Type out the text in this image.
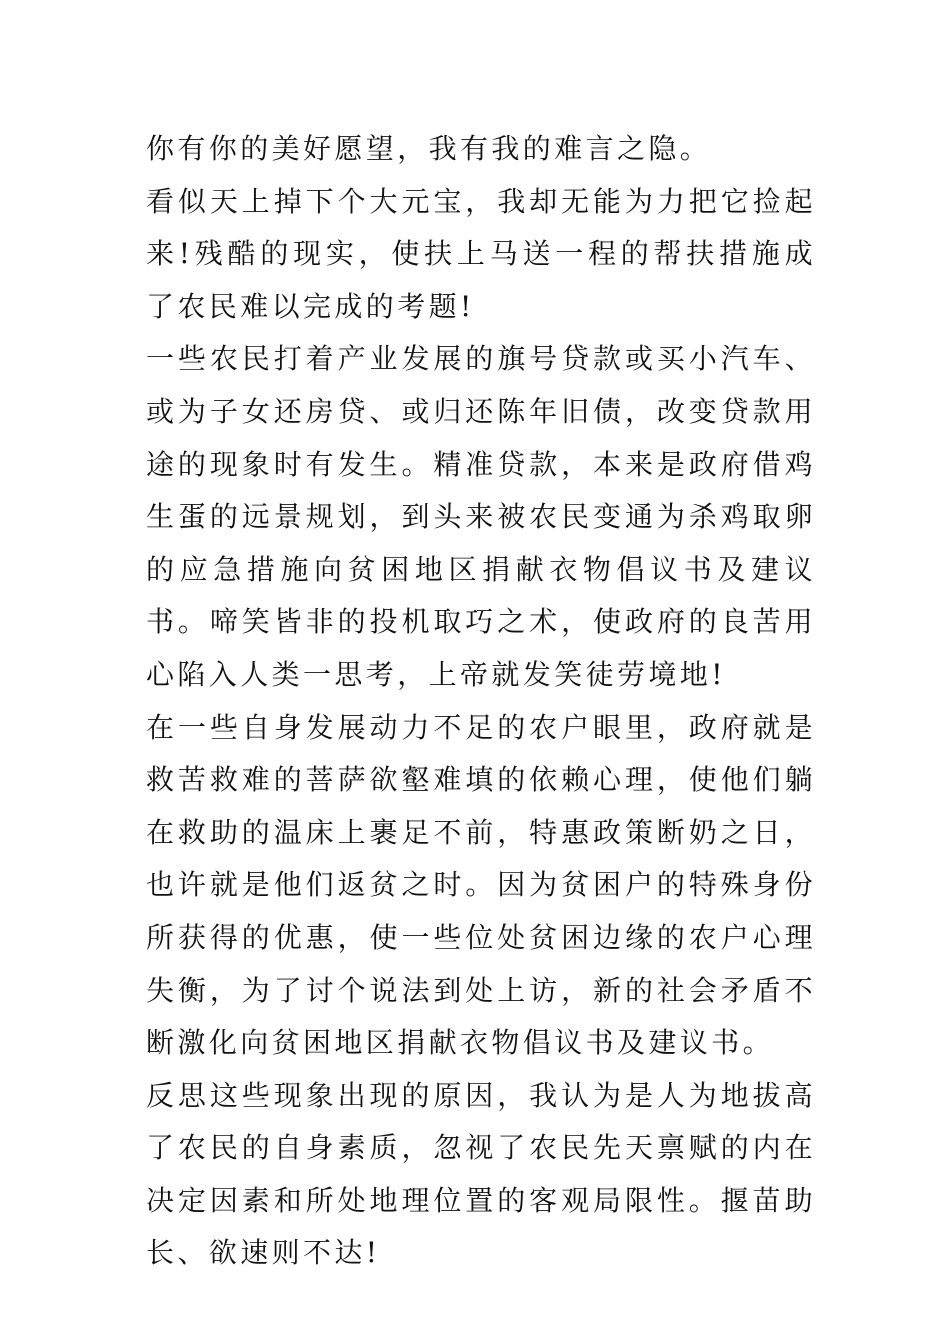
你有你的美好愿望，我有我的难言之隐。

看似天上掉下个大元宝，我却无能为力把它捡起来!残酷的现实，使扶上马送一程的帮扶措施成了农民难以完成的考题!

一些农民打着产业发展的旗号贷款或买小汽车、或为子女还房贷、或归还陈年旧债，改变贷款用途的现象时有发生。精准贷款，本来是政府借鸡生蛋的远景规划，到头来被农民变通为杀鸡取卵的应急措施向贫困地区捐献衣物倡议书及建议书。啼笑皆非的投机取巧之术，使政府的良苦用心陷入人类一思考，上帝就发笑徒劳境地!

在一些自身发展动力不足的农户眼里，政府就是救苦救难的菩萨欲壑难填的依赖心理，使他们躺在救助的温床上裹足不前，特惠政策断奶之日，也许就是他们返贫之时。因为贫困户的特殊身份所获得的优惠，使一些位处贫困边缘的农户心理失衡，为了讨个说法到处上访，新的社会矛盾不断激化向贫困地区捐献衣物倡议书及建议书。

反思这些现象出现的原因，我认为是人为地拔高了农民的自身素质，忽视了农民先天禀赋的内在决定因素和所处地理位置的客观局限性。揠苗助长、欲速则不达!
